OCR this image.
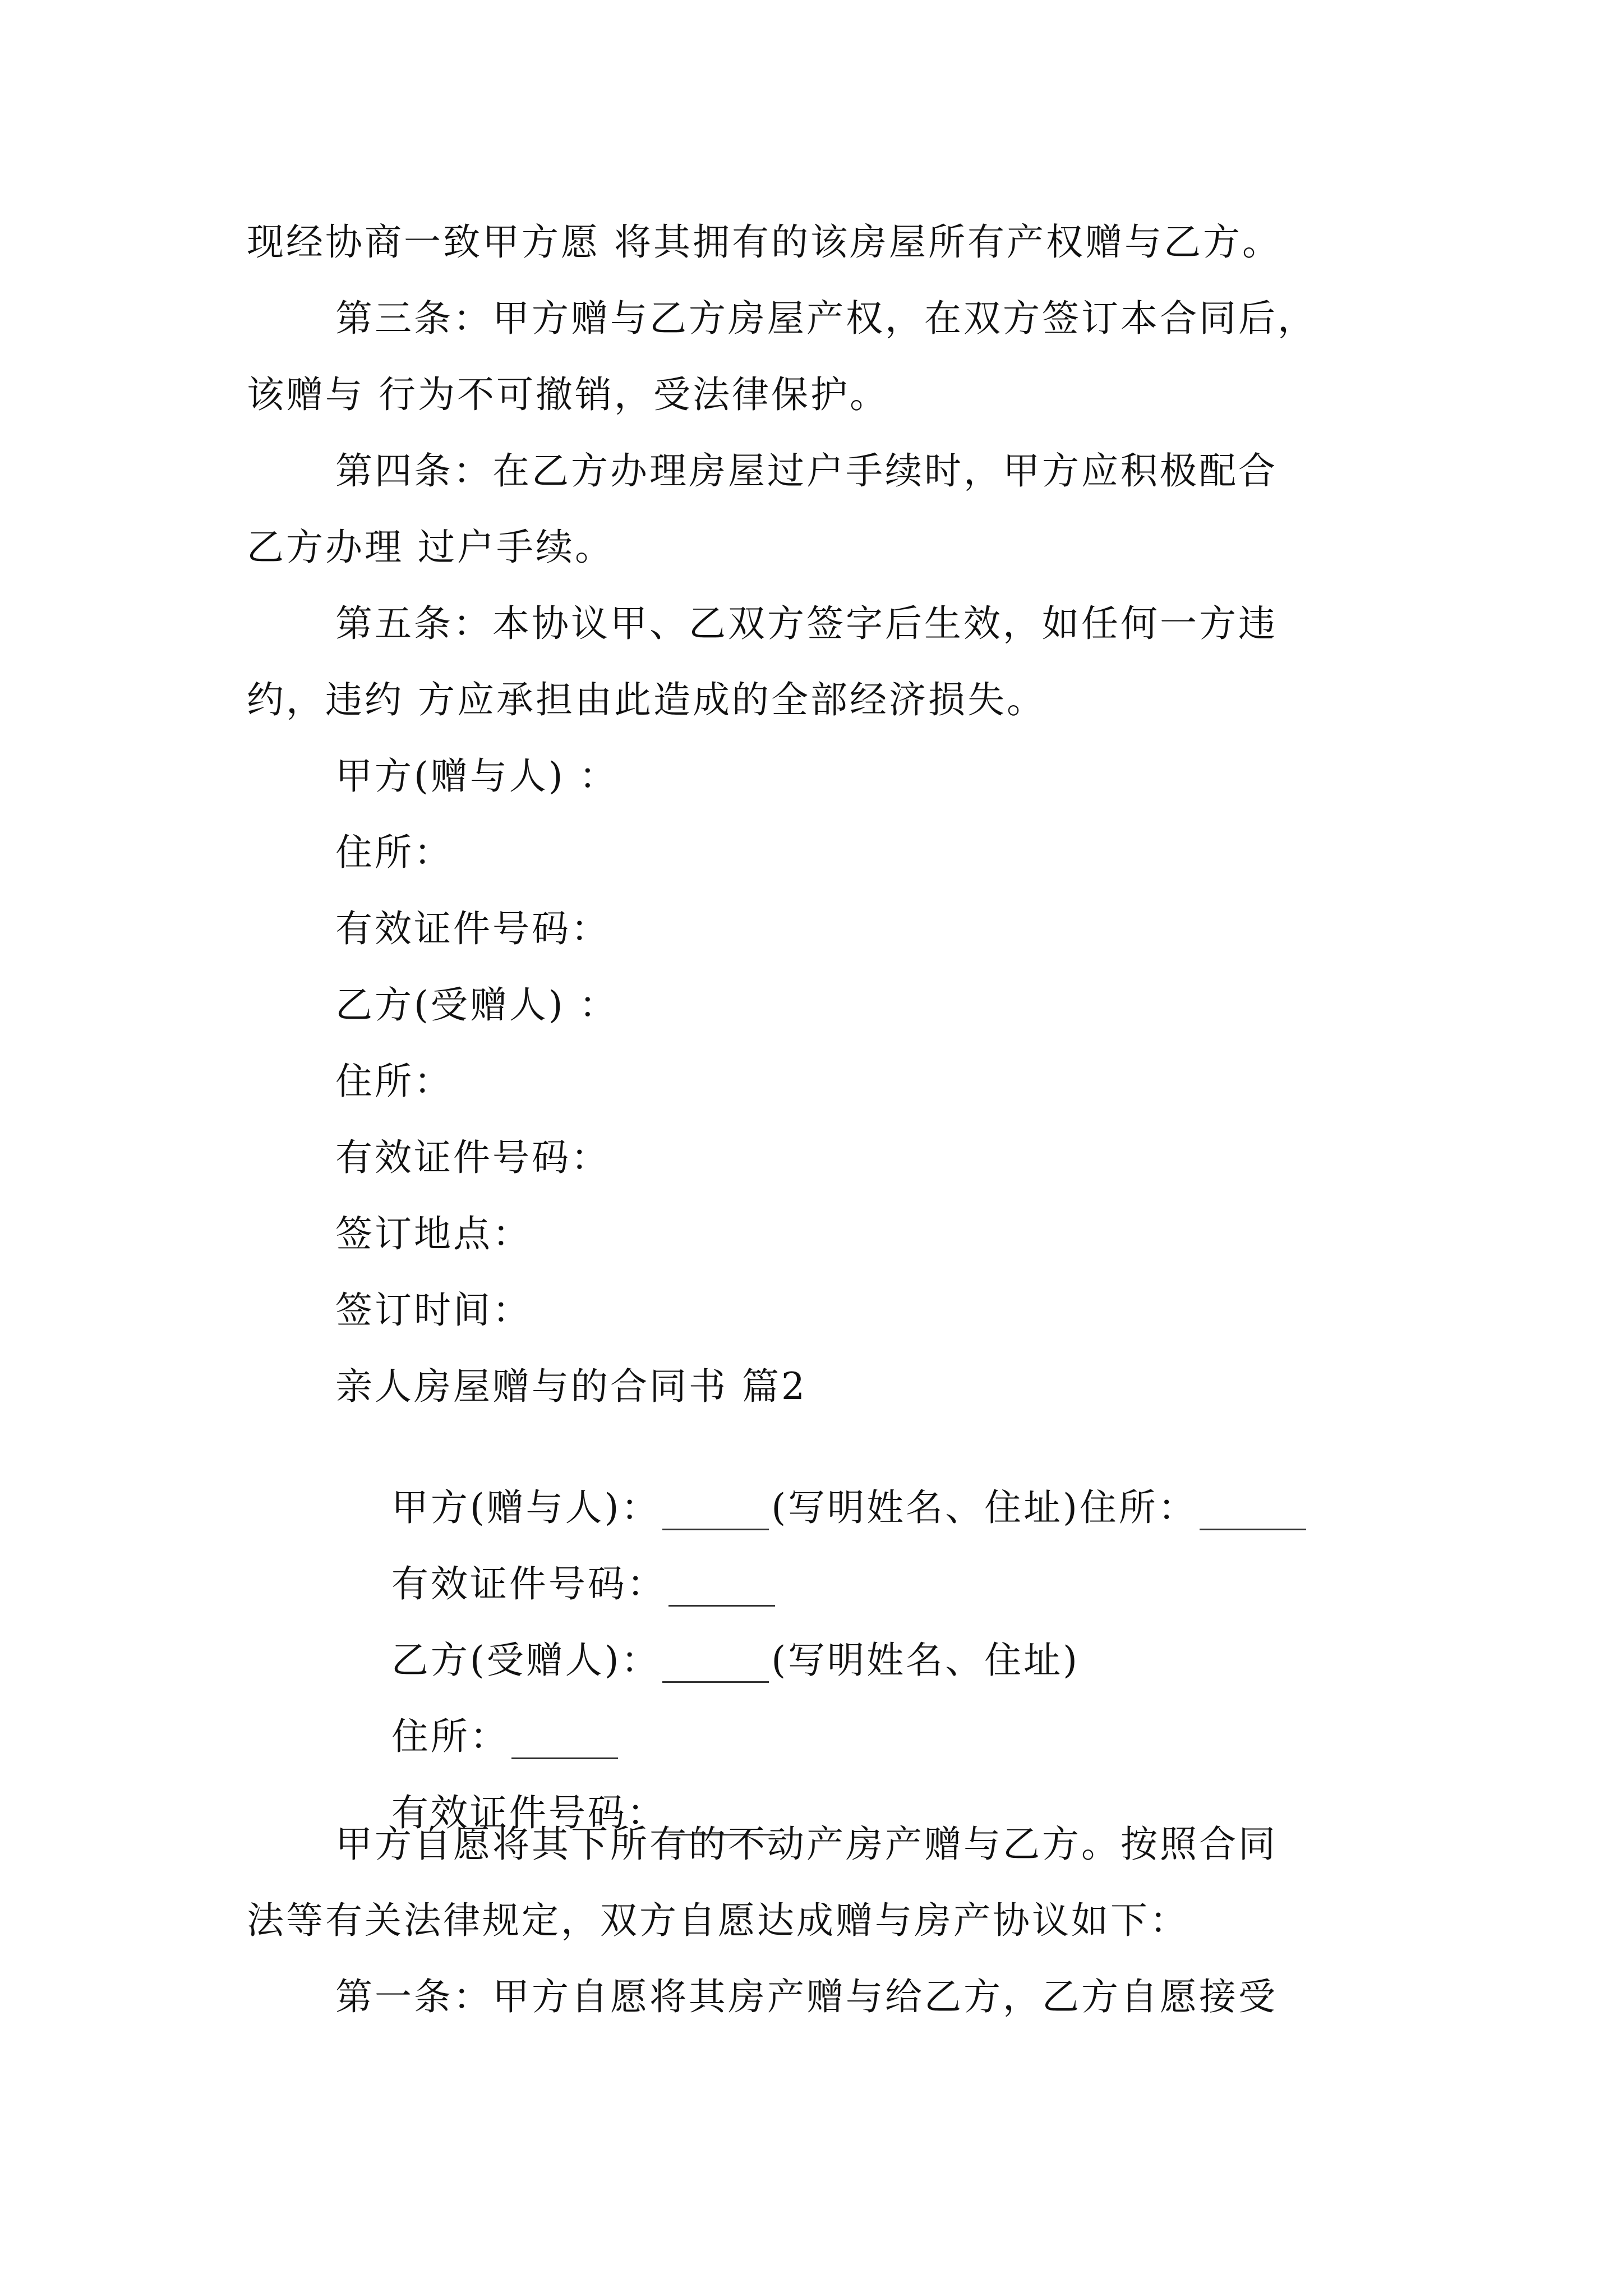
现经协商一致甲方愿 将其拥有的该房屋所有产权赠与乙方。
第三条：甲方赠与乙方房屋产权，在双方签订本合同后，
该赠与 行为不可撤销，受法律保护。
第四条：在乙方办理房屋过户手续时，甲方应积极配合
乙方办理 过户手续。
第五条：本协议甲、乙双方签字后生效，如任何一方违
约，违约 方应承担由此造成的全部经济损失。
甲方(赠与人) ：
住所：
有效证件号码：
乙方(受赠人) ：
住所：
有效证件号码：
签订地点：
签订时间：
亲人房屋赠与的合同书 篇2

甲方(赠与人)：	(写明姓名、住址)住所：

有效证件号码：

乙方(受赠人)：	(写明姓名、住址)

住所：

有效证件号码：

甲方自愿将其下所有的不动产房产赠与乙方。按照合同
法等有关法律规定，双方自愿达成赠与房产协议如下：
第一条：甲方自愿将其房产赠与给乙方，乙方自愿接受
